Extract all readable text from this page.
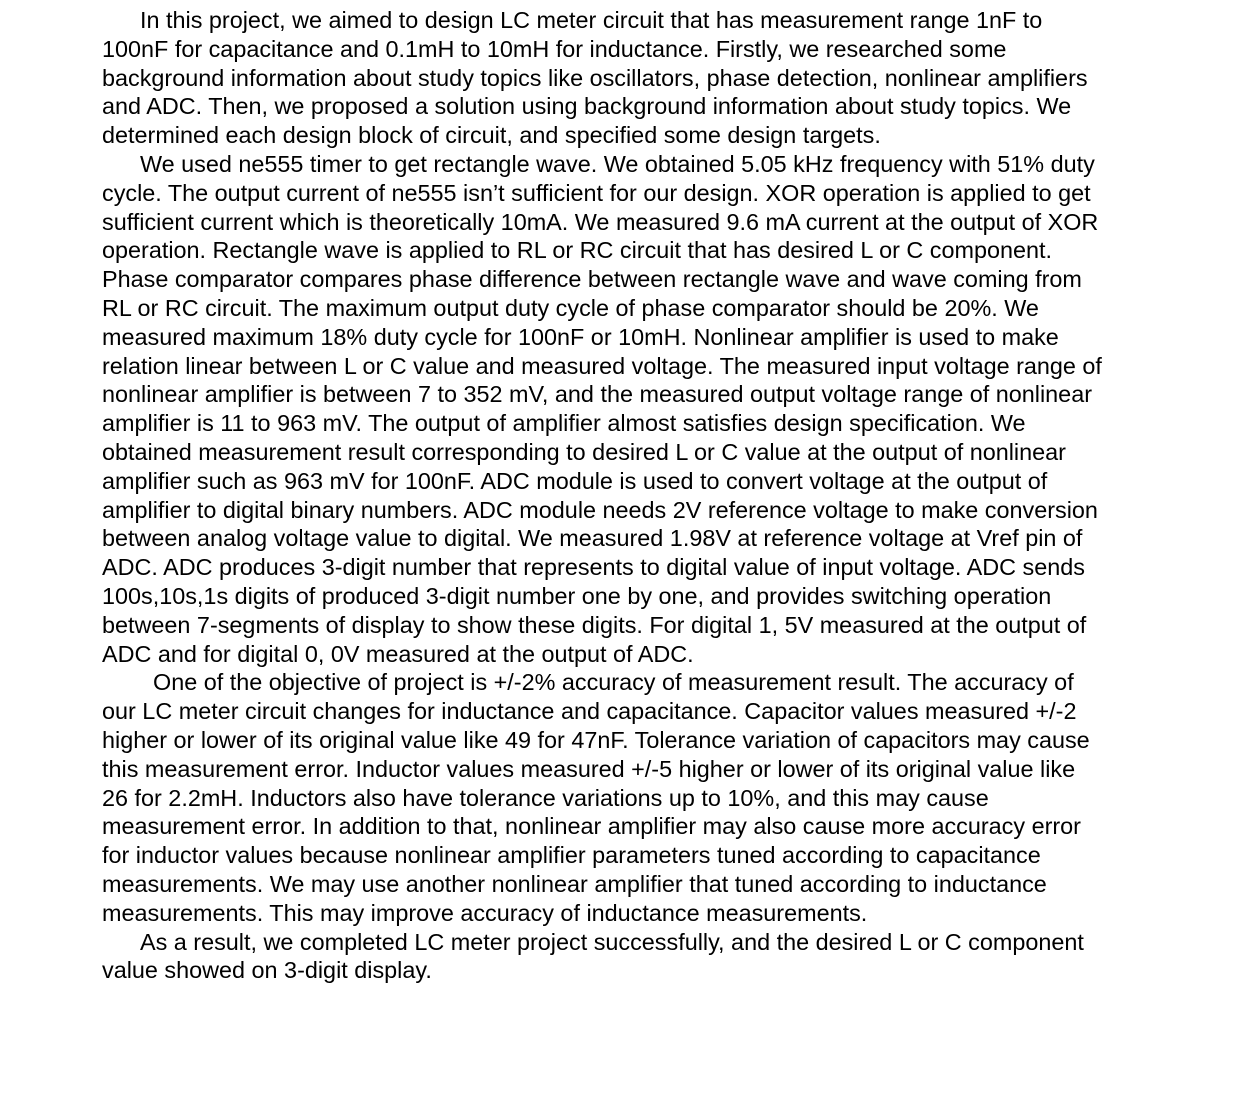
In this project, we aimed to design LC meter circuit that has measurement range 1nF to 100nF for capacitance and 0.1mH to 10mH for inductance. Firstly, we researched some background information about study topics like oscillators, phase detection, nonlinear amplifiers and ADC. Then, we proposed a solution using background information about study topics. We determined each design block of circuit, and specified some design targets.

We used ne555 timer to get rectangle wave. We obtained 5.05 kHz frequency with 51% duty cycle. The output current of ne555 isn’t sufficient for our design. XOR operation is applied to get sufficient current which is theoretically 10mA. We measured 9.6 mA current at the output of XOR operation. Rectangle wave is applied to RL or RC circuit that has desired L or C component. Phase comparator compares phase difference between rectangle wave and wave coming from RL or RC circuit. The maximum output duty cycle of phase comparator should be 20%. We measured maximum 18% duty cycle for 100nF or 10mH. Nonlinear amplifier is used to make relation linear between L or C value and measured voltage. The measured input voltage range of nonlinear amplifier is between 7 to 352 mV, and the measured output voltage range of nonlinear amplifier is 11 to 963 mV. The output of amplifier almost satisfies design specification. We obtained measurement result corresponding to desired L or C value at the output of nonlinear amplifier such as 963 mV for 100nF. ADC module is used to convert voltage at the output of amplifier to digital binary numbers. ADC module needs 2V reference voltage to make conversion between analog voltage value to digital. We measured 1.98V at reference voltage at Vref pin of ADC. ADC produces 3-digit number that represents to digital value of input voltage. ADC sends 100s,10s,1s digits of produced 3-digit number one by one, and provides switching operation between 7-segments of display to show these digits. For digital 1, 5V measured at the output of ADC and for digital 0, 0V measured at the output of ADC.

One of the objective of project is +/-2% accuracy of measurement result. The accuracy of our LC meter circuit changes for inductance and capacitance. Capacitor values measured +/-2 higher or lower of its original value like 49 for 47nF. Tolerance variation of capacitors may cause this measurement error. Inductor values measured +/-5 higher or lower of its original value like 26 for 2.2mH. Inductors also have tolerance variations up to 10%, and this may cause measurement error. In addition to that, nonlinear amplifier may also cause more accuracy error for inductor values because nonlinear amplifier parameters tuned according to capacitance measurements. We may use another nonlinear amplifier that tuned according to inductance measurements. This may improve accuracy of inductance measurements.

As a result, we completed LC meter project successfully, and the desired L or C component value showed on 3-digit display.
